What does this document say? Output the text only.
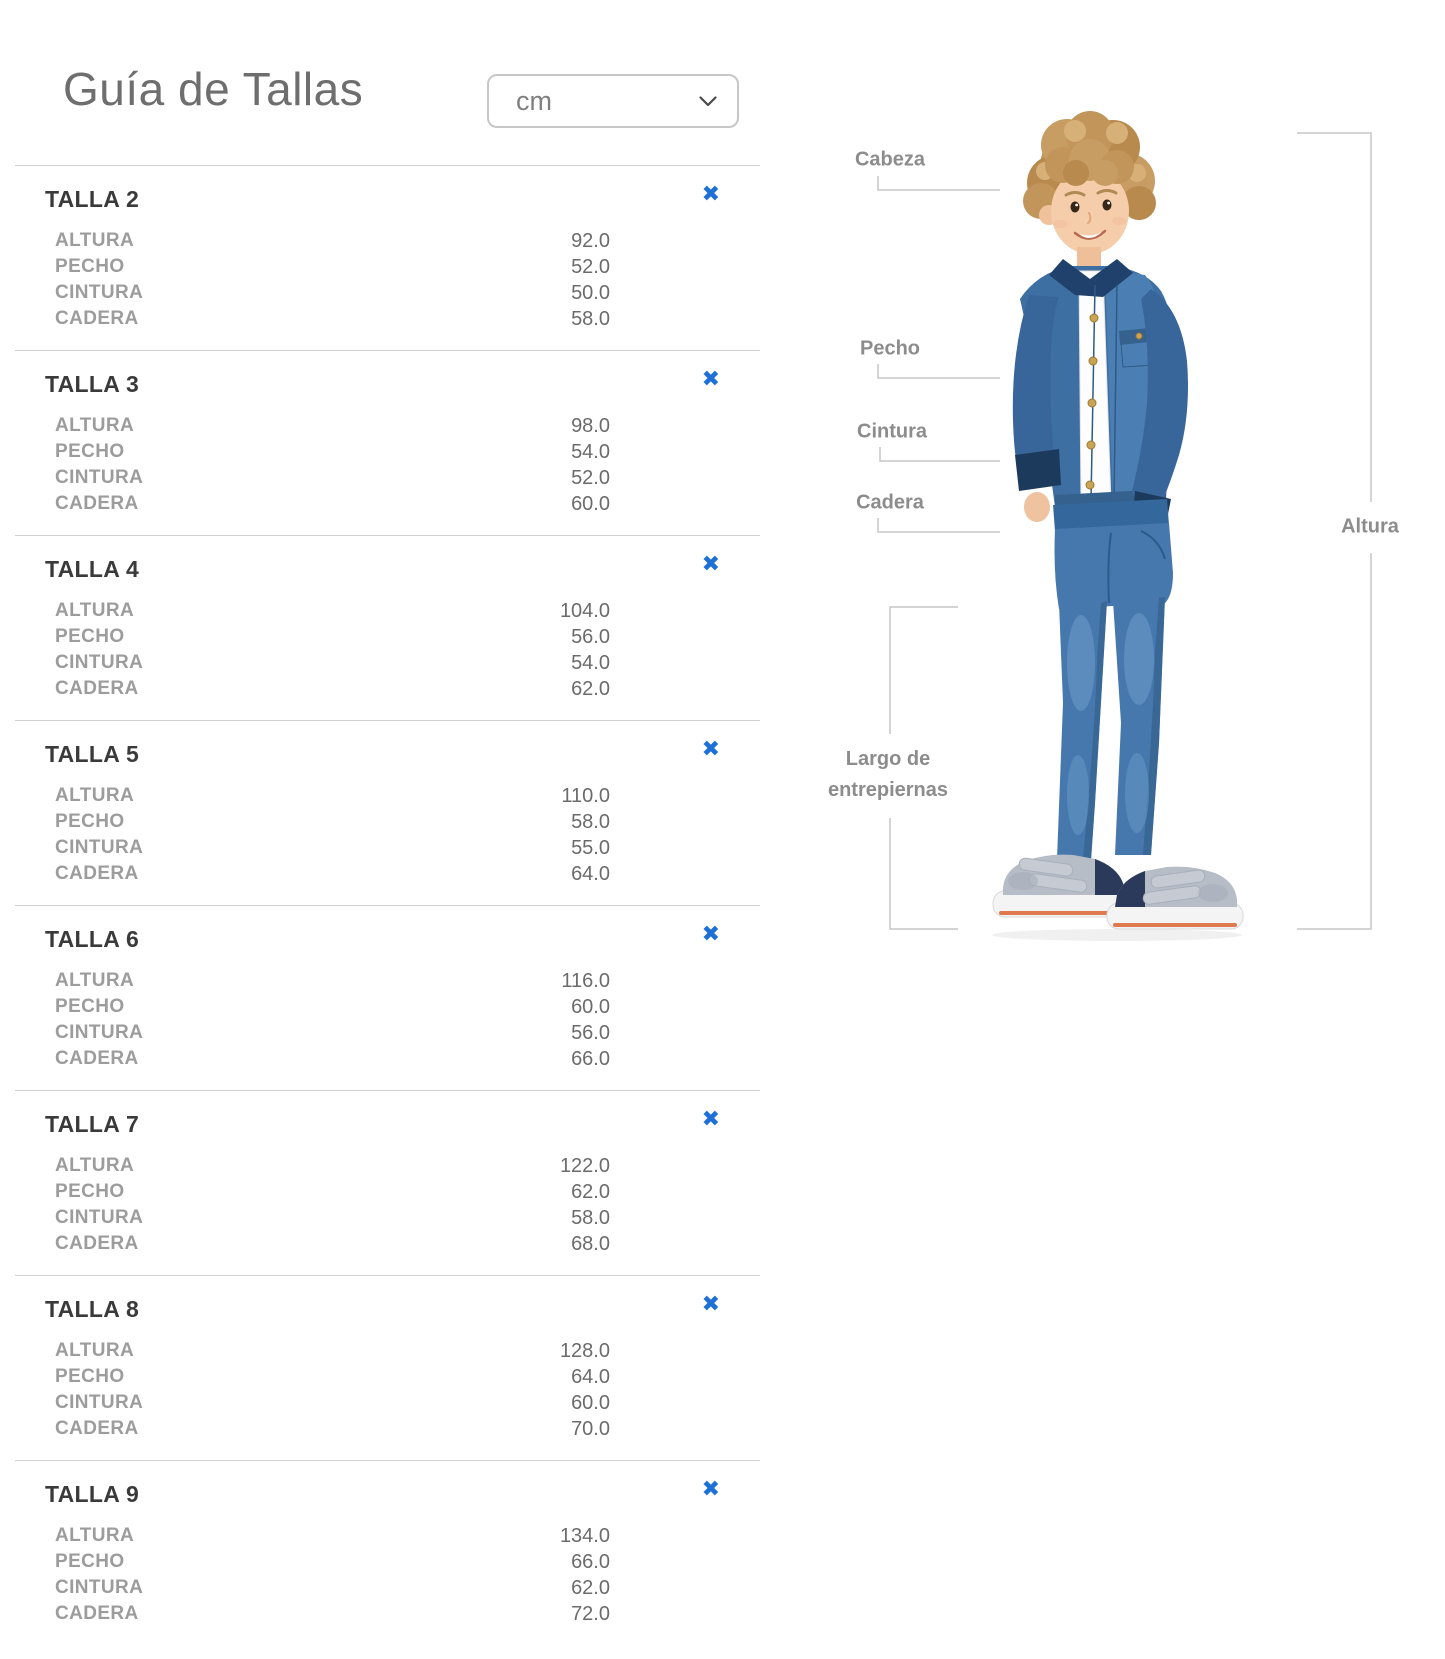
Guía de Tallas	cm
TALLA 2	✖
ALTURA	92.0
PECHO	52.0
CINTURA	50.0
CADERA	58.0
TALLA 3	✖
ALTURA	98.0
PECHO	54.0
CINTURA	52.0
CADERA	60.0
TALLA 4	✖
ALTURA	104.0
PECHO	56.0
CINTURA	54.0
CADERA	62.0
TALLA 5	✖
ALTURA	110.0
PECHO	58.0
CINTURA	55.0
CADERA	64.0
TALLA 6	✖
ALTURA	116.0
PECHO	60.0
CINTURA	56.0
CADERA	66.0
TALLA 7	✖
ALTURA	122.0
PECHO	62.0
CINTURA	58.0
CADERA	68.0
TALLA 8	✖
ALTURA	128.0
PECHO	64.0
CINTURA	60.0
CADERA	70.0
TALLA 9	✖
ALTURA	134.0
PECHO	66.0
CINTURA	62.0
CADERA	72.0
Cabeza
Pecho
Cintura
Cadera
Largo de entrepiernas
Altura
